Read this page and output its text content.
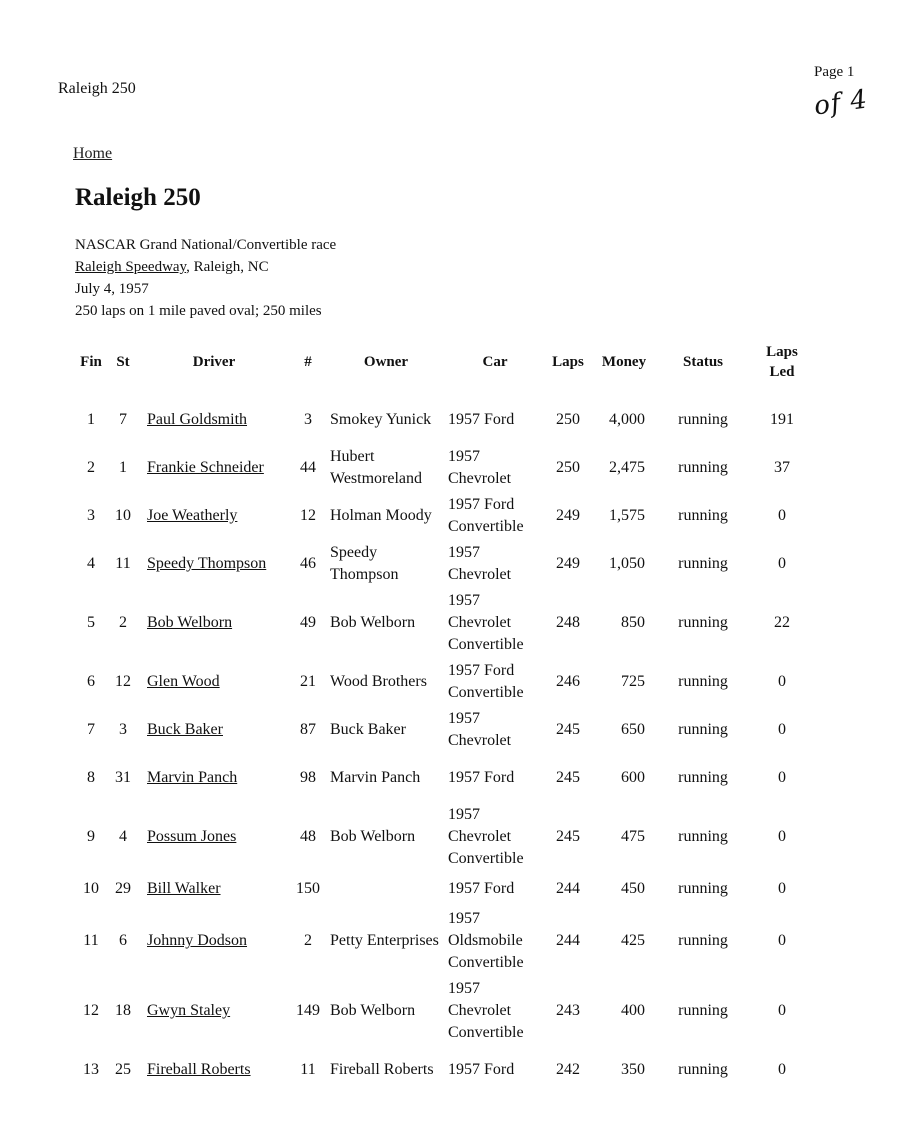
Raleigh 250
Page 1
of 4
Home
Raleigh 250
NASCAR Grand National/Convertible race
Raleigh Speedway, Raleigh, NC
July 4, 1957
250 laps on 1 mile paved oval; 250 miles
Fin	St	Driver	#	Owner	Car	Laps	Money	Status	Laps Led
1	7	Paul Goldsmith	3	Smokey Yunick	1957 Ford	250	4,000	running	191
2	1	Frankie Schneider	44	Hubert Westmoreland	1957 Chevrolet	250	2,475	running	37
3	10	Joe Weatherly	12	Holman Moody	1957 Ford Convertible	249	1,575	running	0
4	11	Speedy Thompson	46	Speedy Thompson	1957 Chevrolet	249	1,050	running	0
5	2	Bob Welborn	49	Bob Welborn	1957 Chevrolet Convertible	248	850	running	22
6	12	Glen Wood	21	Wood Brothers	1957 Ford Convertible	246	725	running	0
7	3	Buck Baker	87	Buck Baker	1957 Chevrolet	245	650	running	0
8	31	Marvin Panch	98	Marvin Panch	1957 Ford	245	600	running	0
9	4	Possum Jones	48	Bob Welborn	1957 Chevrolet Convertible	245	475	running	0
10	29	Bill Walker	150		1957 Ford	244	450	running	0
11	6	Johnny Dodson	2	Petty Enterprises	1957 Oldsmobile Convertible	244	425	running	0
12	18	Gwyn Staley	149	Bob Welborn	1957 Chevrolet Convertible	243	400	running	0
13	25	Fireball Roberts	11	Fireball Roberts	1957 Ford	242	350	running	0
